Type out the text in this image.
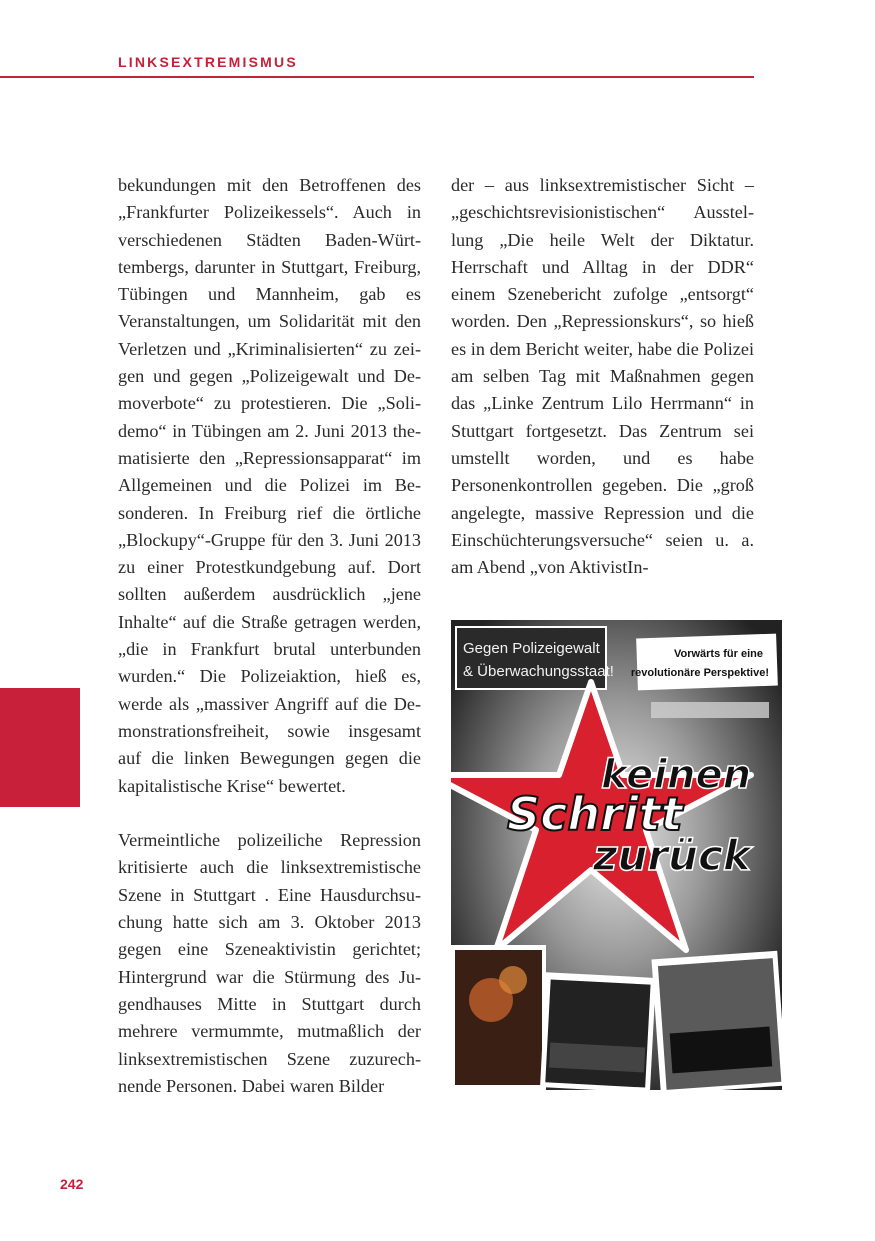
LINKSEXTREMISMUS

bekundungen mit den Betroffenen des „Frankfurter Polizeikessels“. Auch in verschiedenen Städten Baden-Württembergs, darunter in Stuttgart, Freiburg, Tübingen und Mannheim, gab es Veranstaltungen, um Solidarität mit den Verletzen und „Kriminalisierten“ zu zeigen und gegen „Polizeigewalt und Demoverbote“ zu protestieren. Die „Solidemo“ in Tübingen am 2. Juni 2013 thematisierte den „Repressionsapparat“ im Allgemeinen und die Polizei im Besonderen. In Freiburg rief die örtliche „Blockupy“-Gruppe für den 3. Juni 2013 zu einer Protestkundgebung auf. Dort sollten außerdem ausdrücklich „jene Inhalte“ auf die Straße getragen werden, „die in Frankfurt brutal unterbunden wurden.“ Die Polizeiaktion, hieß es, werde als „massiver Angriff auf die Demonstrationsfreiheit, sowie insgesamt auf die linken Bewegungen gegen die kapitalistische Krise“ bewertet.

Vermeintliche polizeiliche Repression kritisierte auch die linksextremistische Szene in Stuttgart . Eine Hausdurchsuchung hatte sich am 3. Oktober 2013 gegen eine Szeneaktivistin gerichtet; Hintergrund war die Stürmung des Jugendhauses Mitte in Stuttgart durch mehrere vermummte, mutmaßlich der linksextremistischen Szene zuzurechnende Personen. Dabei waren Bilder

der – aus linksextremistischer Sicht – „geschichtsrevisionistischen“ Ausstellung „Die heile Welt der Diktatur. Herrschaft und Alltag in der DDR“ einem Szenebericht zufolge „entsorgt“ worden. Den „Repressionskurs“, so hieß es in dem Bericht weiter, habe die Polizei am selben Tag mit Maßnahmen gegen das „Linke Zentrum Lilo Herrmann“ in Stuttgart fortgesetzt. Das Zentrum sei umstellt worden, und es habe Personenkontrollen gegeben. Die „groß angelegte, massive Repression und die Einschüchterungsversuche“ seien u. a. am Abend „von AktivistIn-

Gegen Polizeigewalt
& Überwachungsstaat!
Vorwärts für eine
revolutionäre Perspektive!
keinen
Schritt
zurück
242
